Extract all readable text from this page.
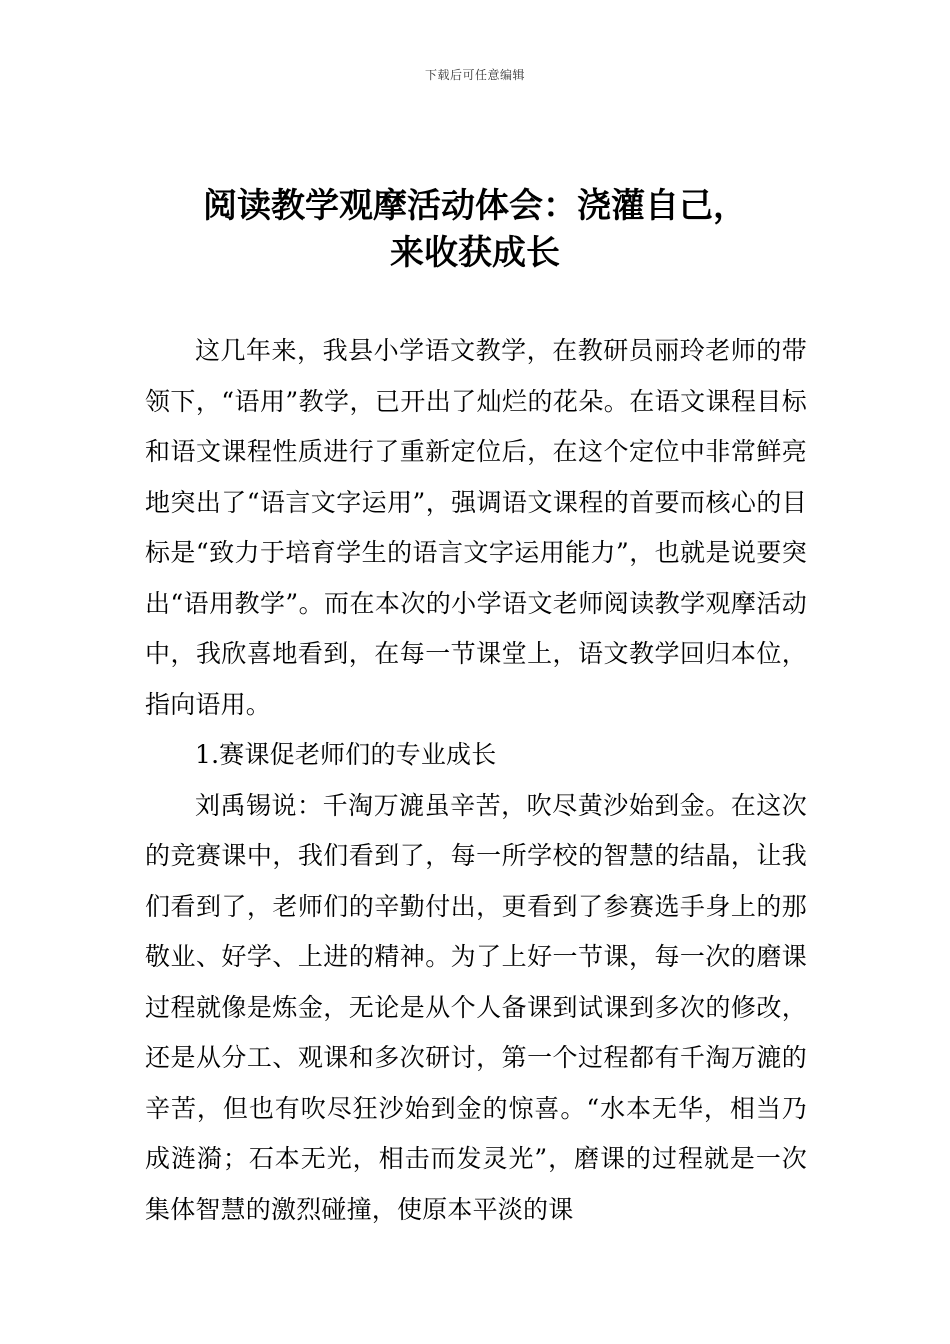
下载后可任意编辑
阅读教学观摩活动体会：浇灌自己，
来收获成长

这几年来，我县小学语文教学，在教研员丽玲老师的带领下，“语用”教学，已开出了灿烂的花朵。在语文课程目标和语文课程性质进行了重新定位后，在这个定位中非常鲜亮地突出了“语言文字运用”，强调语文课程的首要而核心的目标是“致力于培育学生的语言文字运用能力”，也就是说要突出“语用教学”。而在本次的小学语文老师阅读教学观摩活动中，我欣喜地看到，在每一节课堂上，语文教学回归本位，指向语用。

1.赛课促老师们的专业成长

刘禹锡说：千淘万漉虽辛苦，吹尽黄沙始到金。在这次的竞赛课中，我们看到了，每一所学校的智慧的结晶，让我们看到了，老师们的辛勤付出，更看到了参赛选手身上的那敬业、好学、上进的精神。为了上好一节课，每一次的磨课过程就像是炼金，无论是从个人备课到试课到多次的修改，还是从分工、观课和多次研讨，第一个过程都有千淘万漉的辛苦，但也有吹尽狂沙始到金的惊喜。“水本无华，相当乃成涟漪；石本无光，相击而发灵光”，磨课的过程就是一次集体智慧的激烈碰撞，使原本平淡的课
